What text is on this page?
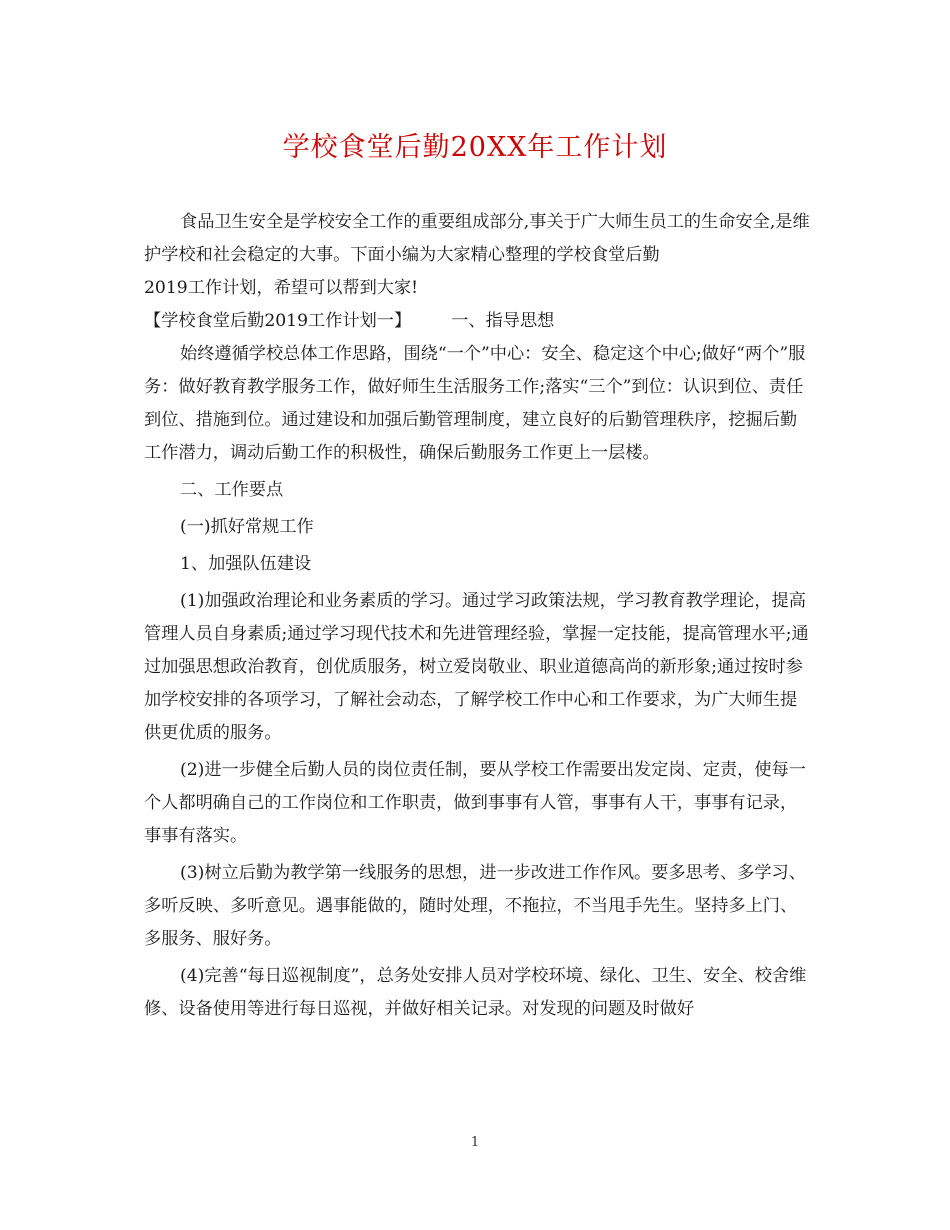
学校食堂后勤20XX年工作计划

食品卫生安全是学校安全工作的重要组成部分,事关于广大师生员工的生命安全,是维护学校和社会稳定的大事。下面小编为大家精心整理的学校食堂后勤

2019工作计划，希望可以帮到大家!

【学校食堂后勤2019工作计划一】 一、指导思想

始终遵循学校总体工作思路，围绕“一个”中心：安全、稳定这个中心;做好“两个”服务：做好教育教学服务工作，做好师生生活服务工作;落实“三个”到位：认识到位、责任到位、措施到位。通过建设和加强后勤管理制度，建立良好的后勤管理秩序，挖掘后勤工作潜力，调动后勤工作的积极性，确保后勤服务工作更上一层楼。

二、工作要点

(一)抓好常规工作

1、加强队伍建设

(1)加强政治理论和业务素质的学习。通过学习政策法规，学习教育教学理论，提高管理人员自身素质;通过学习现代技术和先进管理经验，掌握一定技能，提高管理水平;通过加强思想政治教育，创优质服务，树立爱岗敬业、职业道德高尚的新形象;通过按时参加学校安排的各项学习，了解社会动态，了解学校工作中心和工作要求，为广大师生提供更优质的服务。

(2)进一步健全后勤人员的岗位责任制，要从学校工作需要出发定岗、定责，使每一个人都明确自己的工作岗位和工作职责，做到事事有人管，事事有人干，事事有记录，事事有落实。

(3)树立后勤为教学第一线服务的思想，进一步改进工作作风。要多思考、多学习、多听反映、多听意见。遇事能做的，随时处理，不拖拉，不当甩手先生。坚持多上门、多服务、服好务。

(4)完善“每日巡视制度”，总务处安排人员对学校环境、绿化、卫生、安全、校舍维修、设备使用等进行每日巡视，并做好相关记录。对发现的问题及时做好

1
